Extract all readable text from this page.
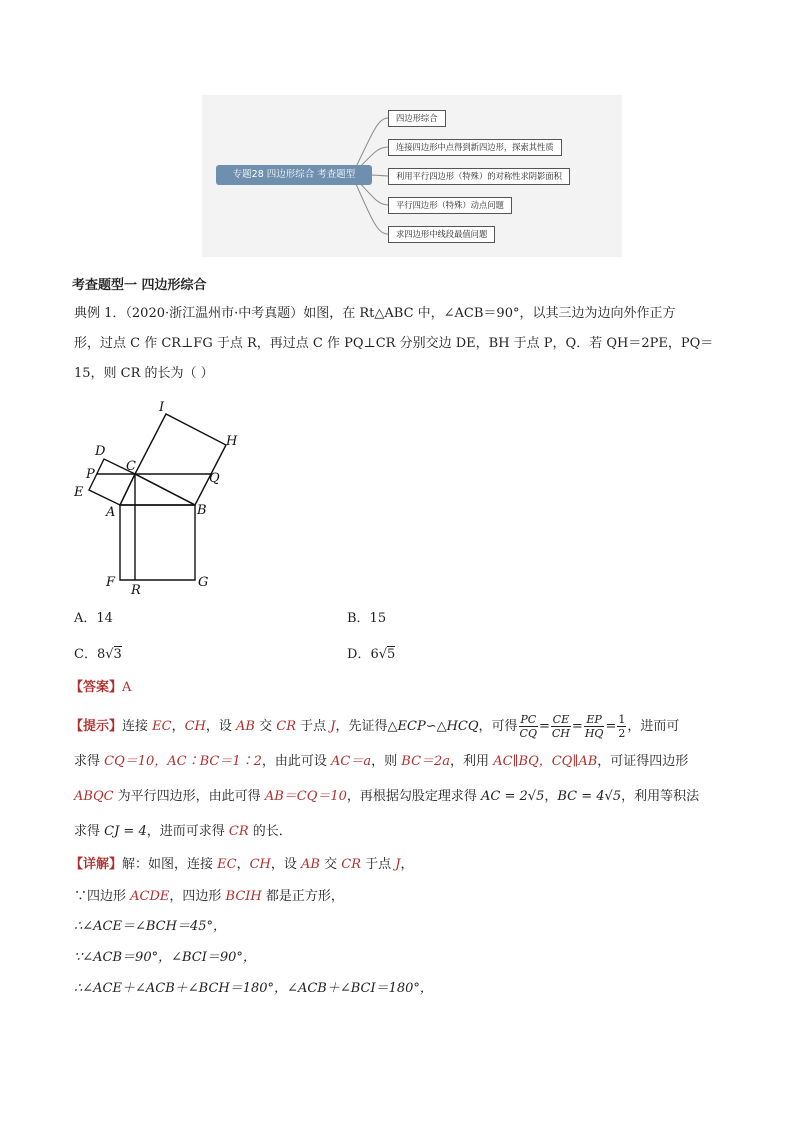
专题28 四边形综合 考查题型
四边形综合
连接四边形中点得到新四边形，探索其性质
利用平行四边形（特殊）的对称性求阴影面积
平行四边形（特殊）动点问题
求四边形中线段最值问题
考查题型一 四边形综合
典例 1．（2020·浙江温州市·中考真题）如图，在 Rt△ABC 中，∠ACB＝90°，以其三边为边向外作正方
形，过点 C 作 CR⊥FG 于点 R，再过点 C 作 PQ⊥CR 分别交边 DE，BH 于点 P，Q．若 QH＝2PE，PQ＝
15，则 CR 的长为（ ）
I
H
D
C
P	Q
E
A	B
F
R
G
A．14	B．15
C．8√3	D．6√5
【答案】A
【提示】连接 EC，CH，设 AB 交 CR 于点 J，先证得△ECP∽△HCQ，可得 $\frac{PC}{CQ} = \frac{CE}{CH} = \frac{EP}{HQ} = \frac{1}{2}$ ，进而可
求得 CQ＝10，AC∶BC＝1∶2，由此可设 AC＝a，则 BC＝2a，利用 AC∥BQ，CQ∥AB，可证得四边形
ABQC 为平行四边形，由此可得 AB＝CQ＝10，再根据勾股定理求得 AC = 2√5，BC = 4√5，利用等积法
求得 CJ = 4，进而可求得 CR 的长．
【详解】解：如图，连接 EC，CH，设 AB 交 CR 于点 J，
∵四边形 ACDE，四边形 BCIH 都是正方形，
∴∠ACE＝∠BCH＝45°，
∵∠ACB＝90°，∠BCI＝90°，
∴∠ACE＋∠ACB＋∠BCH＝180°，∠ACB＋∠BCI＝180°，
